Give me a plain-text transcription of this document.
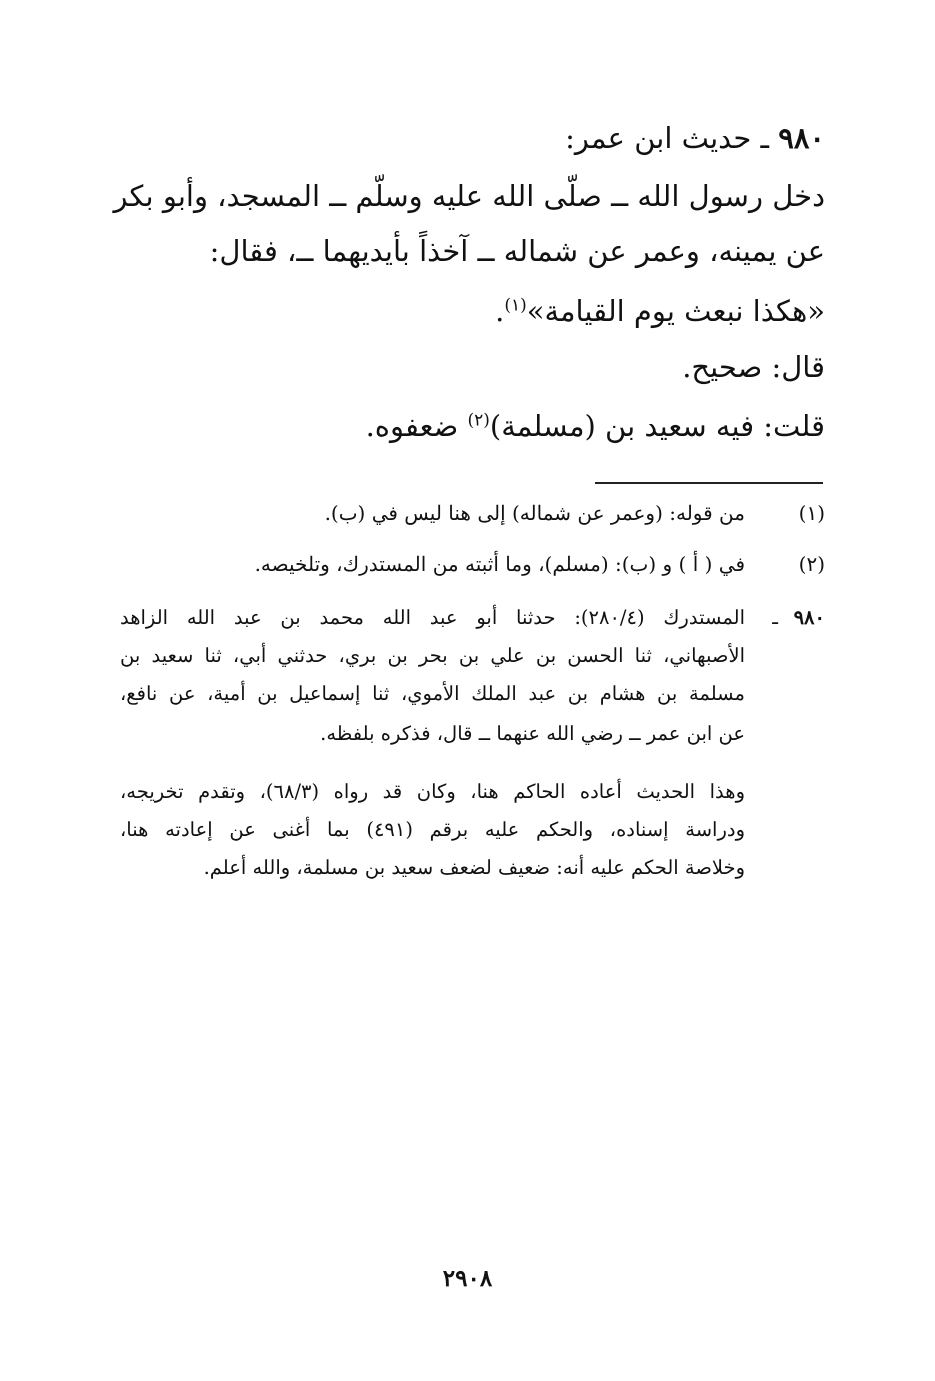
٩٨٠ ـ حديث ابن عمر:
دخل رسول الله ــ صلّى الله عليه وسلّم ــ المسجد، وأبو بكر
عن يمينه، وعمر عن شماله ــ آخذاً بأيديهما ــ، فقال:
«هكذا نبعث يوم القيامة»$^{(١)}$.
قال: صحيح.
قلت: فيه سعيد بن (مسلمة)$^{(٢)}$ ضعفوه.
(١)
من قوله: (وعمر عن شماله) إلى هنا ليس في (ب).
(٢)
في ( أ ) و (ب): (مسلم)، وما أثبته من المستدرك، وتلخيصه.
٩٨٠
ـ
المستدرك (٢٨٠/٤): حدثنا أبو عبد الله محمد بن عبد الله الزاهد
الأصبهاني، ثنا الحسن بن علي بن بحر بن بري، حدثني أبي، ثنا سعيد بن
مسلمة بن هشام بن عبد الملك الأموي، ثنا إسماعيل بن أمية، عن نافع،
عن ابن عمر ــ رضي الله عنهما ــ قال، فذكره بلفظه.
وهذا الحديث أعاده الحاكم هنا، وكان قد رواه (٦٨/٣)، وتقدم تخريجه،
ودراسة إسناده، والحكم عليه برقم (٤٩١) بما أغنى عن إعادته هنا،
وخلاصة الحكم عليه أنه: ضعيف لضعف سعيد بن مسلمة، والله أعلم.
٢٩٠٨
